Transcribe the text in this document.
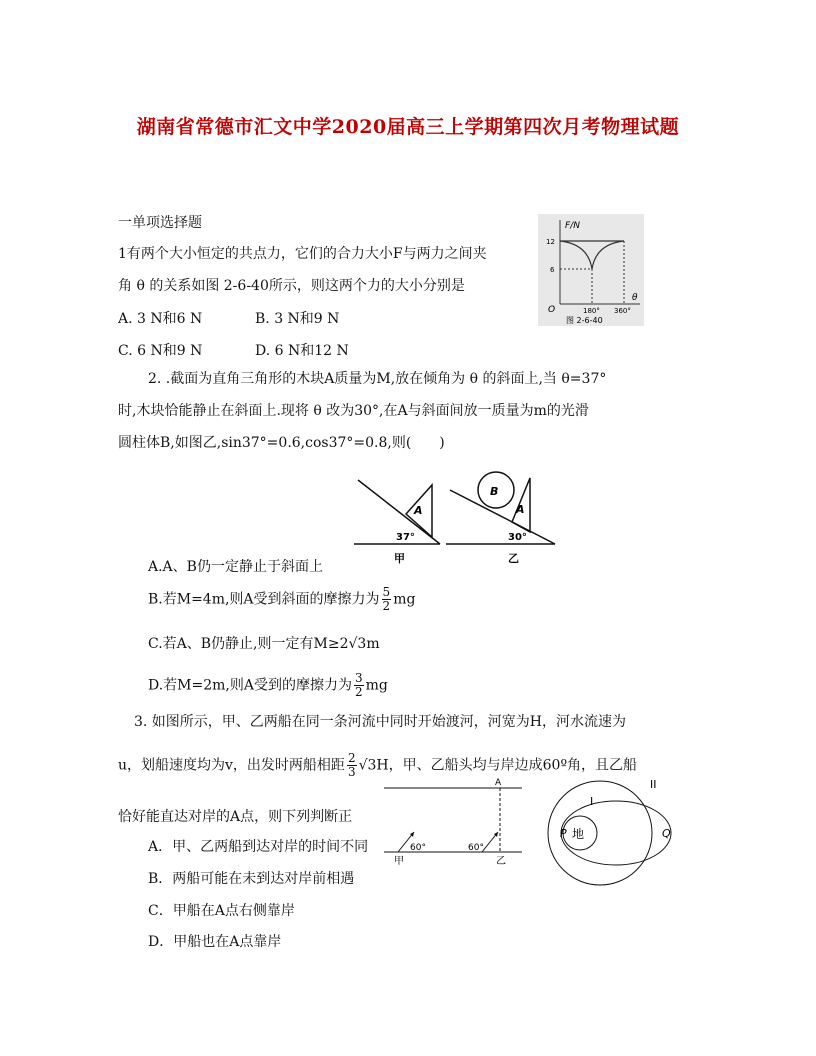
湖南省常德市汇文中学2020届高三上学期第四次月考物理试题
一单项选择题
1有两个大小恒定的共点力，它们的合力大小F与两力之间夹
角 θ 的关系如图 2-6-40所示，则这两个力的大小分别是
A. 3 N和6 N	B. 3 N和9 N
C. 6 N和9 N	D. 6 N和12 N
F/N
12
6
O	180° 360°
θ
图 2-6-40
2. .截面为直角三角形的木块A质量为M,放在倾角为 θ 的斜面上,当 θ=37°
时,木块恰能静止在斜面上.现将 θ 改为30°,在A与斜面间放一质量为m的光滑
圆柱体B,如图乙,sin37°=0.6,cos37°=0.8,则(　　)
A
37°
甲
B
A
30°
乙
A.A、B仍一定静止于斜面上
B.若M=4m,则A受到斜面的摩擦力为 $\frac{5}{2}$ mg
C.若A、B仍静止,则一定有M≥2√3m
D.若M=2m,则A受到的摩擦力为 $\frac{3}{2}$ mg
3. 如图所示，甲、乙两船在同一条河流中同时开始渡河，河宽为H，河水流速为
u，划船速度均为v，出发时两船相距 $\frac{2}{3} √3H$，甲、乙船头均与岸边成60º角，且乙船
恰好能直达对岸的A点，则下列判断正
A．甲、乙两船到达对岸的时间不同
B．两船可能在未到达对岸前相遇
C．甲船在A点右侧靠岸
D．甲船也在A点靠岸
A
60°	60°
甲	乙
地
P	Q
I
II
